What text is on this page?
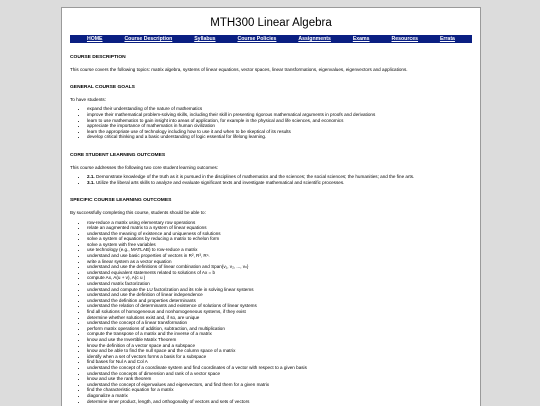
MTH300 Linear Algebra
HOME	Course Description	Syllabus	Course Policies	Assignments	Exams	Resources	Errata
COURSE DESCRIPTION

This course covers the following topics: matrix algebra, systems of linear equations, vector spaces, linear transformations, eigenvalues, eigenvectors and applications.

GENERAL COURSE GOALS

To have students:

• expand their understanding of the nature of mathematics
• improve their mathematical problem-solving skills, including their skill in presenting rigorous mathematical arguments in proofs and derivations
• learn to use mathematics to gain insight into areas of application, for example in the physical and life sciences, and economics
• appreciate the importance of mathematics in human civilization
• learn the appropriate use of technology including how to use it and when to be skeptical of its results
• develop critical thinking and a basic understanding of logic essential for lifelong learning.
CORE STUDENT LEARNING OUTCOMES

This course addresses the following two core student learning outcomes:

• 2.1. Demonstrate knowledge of the truth as it is pursued in the disciplines of mathematics and the sciences; the social sciences; the humanities; and the fine arts.
• 3.1. Utilize the liberal arts skills to analyze and evaluate significant texts and investigate mathematical and scientific processes.
SPECIFIC COURSE LEARNING OUTCOMES

By successfully completing this course, students should be able to:

• row-reduce a matrix using elementary row operations
• relate an augmented matrix to a system of linear equations
• understand the meaning of existence and uniqueness of solutions
• solve a system of equations by reducing a matrix to echelon form
• solve a system with free variables
• use technology (e.g., MATLAB) to row-reduce a matrix
• understand and use basic properties of vectors in R², R³, Rⁿ.
• write a linear system as a vector equation
• understand and use the definitions of linear combination and Span{v₁, v₂, ..., vₙ}
• understand equivalent statements related to solutions of Ax = b
• compute Ax, A(u + v), A(c u )
• understand matrix factorization
• understand and compute the LU factorization and its role in solving linear systems
• understand and use the definition of linear independence
• understand the definition and properties determinants
• understand the relation of determinants and existence of solutions of linear systems
• find all solutions of homogeneous and nonhomogeneous systems, if they exist
• determine whether solutions exist and, if so, are unique
• understand the concept of a linear transformation
• perform matrix operations of addition, subtraction, and multiplication
• compute the transpose of a matrix and the inverse of a matrix
• know and use the Invertible Matrix Theorem
• know the definition of a vector space and a subspace
• know and be able to find the null space and the column space of a matrix
• identify when a set of vectors forms a basis for a subspace
• find bases for Nul A and Col A
• understand the concept of a coordinate system and find coordinates of a vector with respect to a given basis
• understand the concepts of dimension and rank of a vector space
• know and use the rank theorem
• understand the concept of eigenvalues and eigenvectors, and find them for a given matrix
• find the characteristic equation for a matrix
• diagonalize a matrix
• determine inner product, length, and orthogonality of vectors and sets of vectors
